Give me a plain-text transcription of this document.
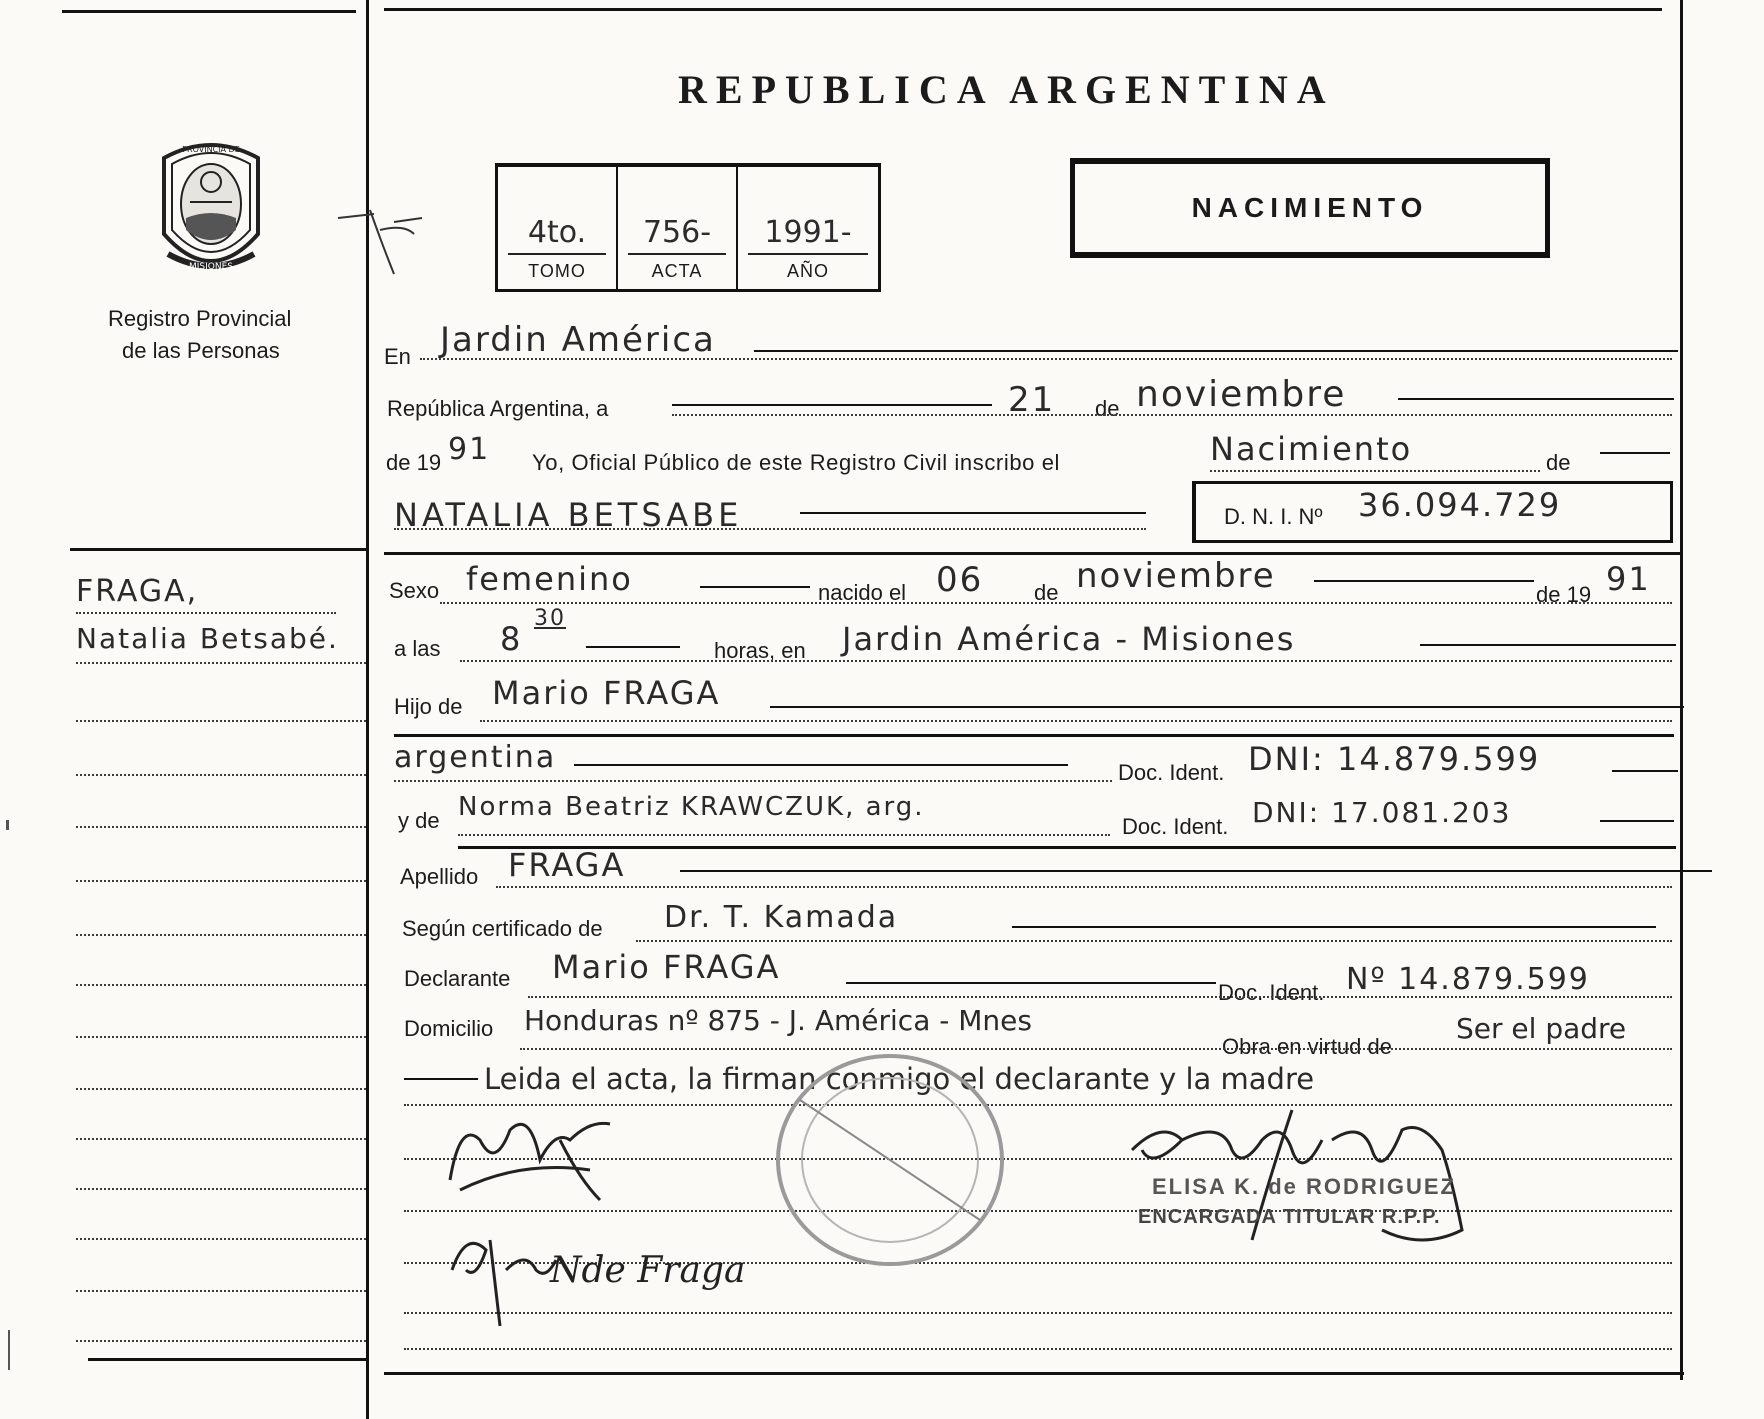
REPUBLICA ARGENTINA
PROVINCIA DE
MISIONES
Registro Provincial
de las Personas
4to.
TOMO
756-
ACTA
1991-
AÑO
NACIMIENTO
En Jardin América
República Argentina, a	21 de noviembre
de 19 91 Yo, Oficial Público de este Registro Civil inscribo el	Nacimiento	de
NATALIA BETSABE	D. N. I. Nº 36.094.729
FRAGA,
Natalia Betsabé.
Sexo femenino	nacido el 06 de noviembre	de 19 91
a las 8
30
horas, en Jardin América - Misiones
Hijo de Mario FRAGA
argentina	Doc. Ident. DNI: 14.879.599
y de Norma Beatriz KRAWCZUK, arg.
Doc. Ident. DNI: 17.081.203
Apellido FRAGA
Según certificado de Dr. T. Kamada
Declarante Mario FRAGA
Doc. Ident. Nº 14.879.599
Domicilio Honduras nº 875 - J. América - Mnes
Obra en virtud de
Ser el padre
Leida el acta, la firman conmigo el declarante y la madre
Nde Fraga
ELISA K. de RODRIGUEZ
ENCARGADA TITULAR R.P.P.
